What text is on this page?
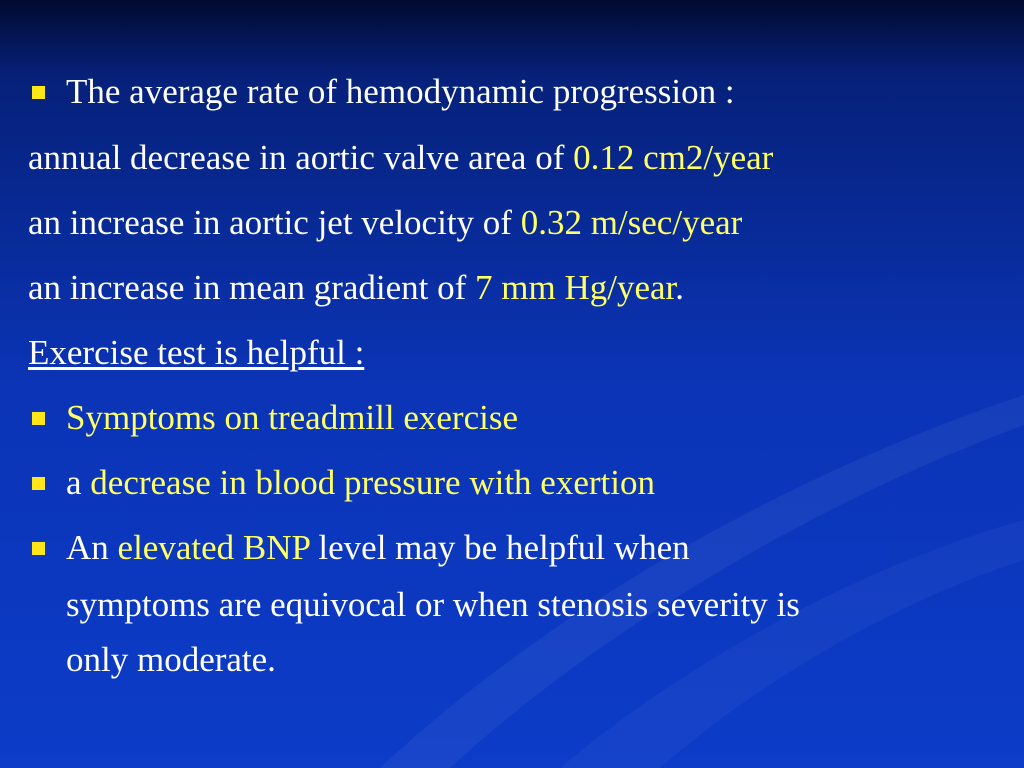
The average rate of hemodynamic progression :
annual decrease in aortic valve area of 0.12 cm2/year
an increase in aortic jet velocity of 0.32 m/sec/year
an increase in mean gradient of 7 mm Hg/year.
Exercise test is helpful :
Symptoms on treadmill exercise
a decrease in blood pressure with exertion
An elevated BNP level may be helpful when
symptoms are equivocal or when stenosis severity is
only moderate.
